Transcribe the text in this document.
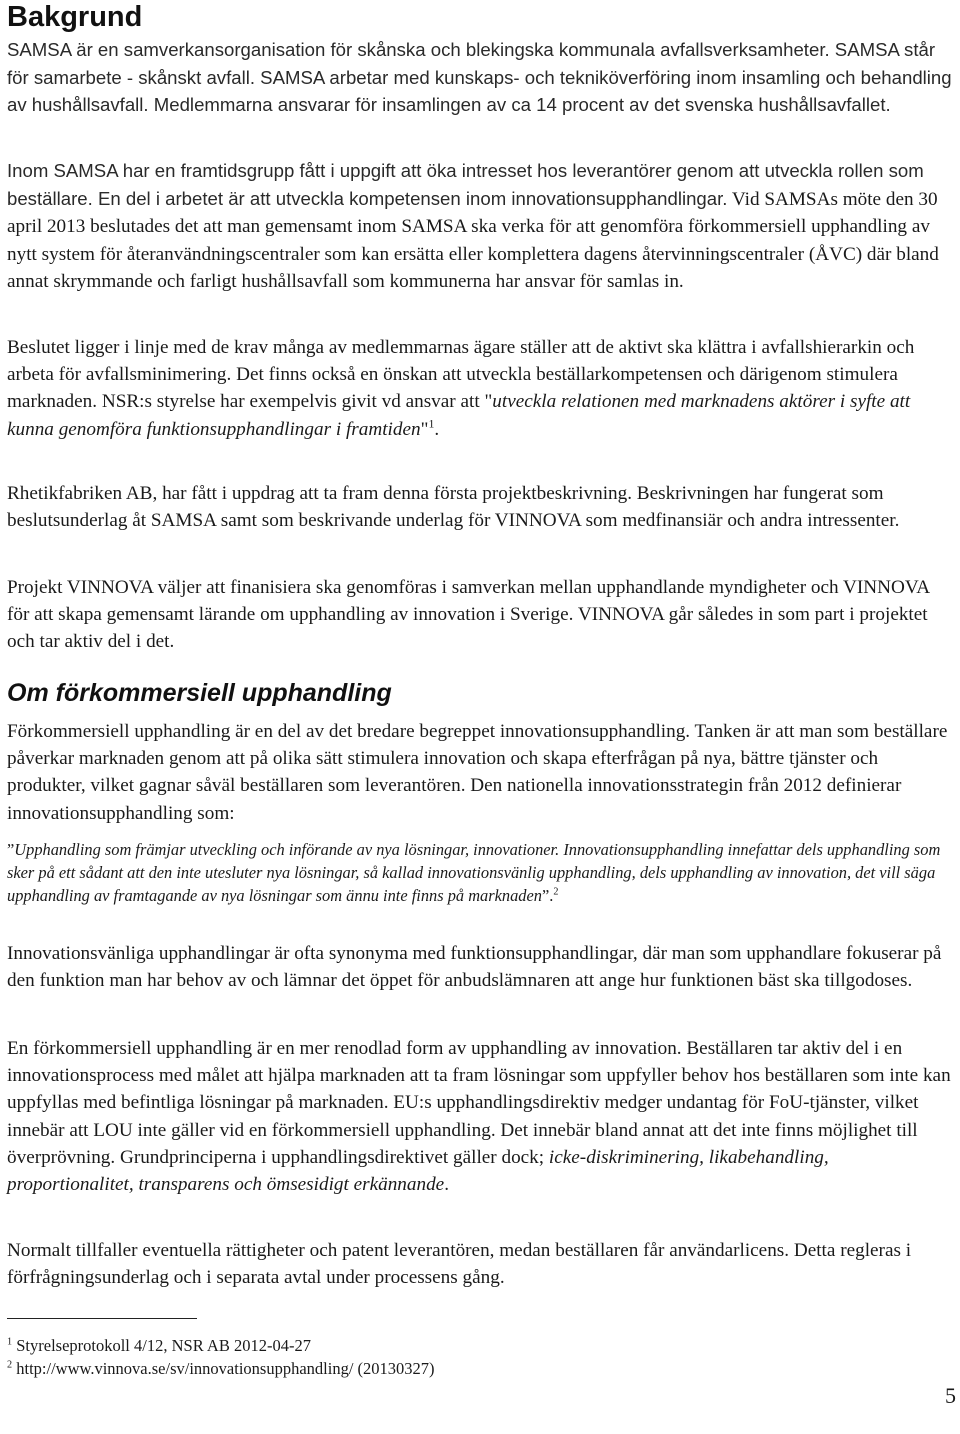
Bakgrund

SAMSA är en samverkansorganisation för skånska och blekingska kommunala avfallsverksamheter. SAMSA står för samarbete - skånskt avfall. SAMSA arbetar med kunskaps- och tekniköverföring inom insamling och behandling av hushållsavfall. Medlemmarna ansvarar för insamlingen av ca 14 procent av det svenska hushållsavfallet.

Inom SAMSA har en framtidsgrupp fått i uppgift att öka intresset hos leverantörer genom att utveckla rollen som beställare. En del i arbetet är att utveckla kompetensen inom innovationsupphandlingar. Vid SAMSAs möte den 30 april 2013 beslutades det att man gemensamt inom SAMSA ska verka för att genomföra förkommersiell upphandling av nytt system för återanvändningscentraler som kan ersätta eller komplettera dagens återvinningscentraler (ÅVC) där bland annat skrymmande och farligt hushållsavfall som kommunerna har ansvar för samlas in.

Beslutet ligger i linje med de krav många av medlemmarnas ägare ställer att de aktivt ska klättra i avfallshierarkin och arbeta för avfallsminimering. Det finns också en önskan att utveckla beställarkompetensen och därigenom stimulera marknaden. NSR:s styrelse har exempelvis givit vd ansvar att "utveckla relationen med marknadens aktörer i syfte att kunna genomföra funktionsupphandlingar i framtiden"$^1$.

Rhetikfabriken AB, har fått i uppdrag att ta fram denna första projektbeskrivning. Beskrivningen har fungerat som beslutsunderlag åt SAMSA samt som beskrivande underlag för VINNOVA som medfinansiär och andra intressenter.

Projekt VINNOVA väljer att finanisiera ska genomföras i samverkan mellan upphandlande myndigheter och VINNOVA för att skapa gemensamt lärande om upphandling av innovation i Sverige. VINNOVA går således in som part i projektet och tar aktiv del i det.

Om förkommersiell upphandling

Förkommersiell upphandling är en del av det bredare begreppet innovationsupphandling. Tanken är att man som beställare påverkar marknaden genom att på olika sätt stimulera innovation och skapa efterfrågan på nya, bättre tjänster och produkter, vilket gagnar såväl beställaren som leverantören. Den nationella innovationsstrategin från 2012 definierar innovationsupphandling som:

”Upphandling som främjar utveckling och införande av nya lösningar, innovationer. Innovationsupphandling innefattar dels upphandling som sker på ett sådant att den inte utesluter nya lösningar, så kallad innovationsvänlig upphandling, dels upphandling av innovation, det vill säga upphandling av framtagande av nya lösningar som ännu inte finns på marknaden”.$^2$

Innovationsvänliga upphandlingar är ofta synonyma med funktionsupphandlingar, där man som upphandlare fokuserar på den funktion man har behov av och lämnar det öppet för anbudslämnaren att ange hur funktionen bäst ska tillgodoses.

En förkommersiell upphandling är en mer renodlad form av upphandling av innovation. Beställaren tar aktiv del i en innovationsprocess med målet att hjälpa marknaden att ta fram lösningar som uppfyller behov hos beställaren som inte kan uppfyllas med befintliga lösningar på marknaden. EU:s upphandlingsdirektiv medger undantag för FoU-tjänster, vilket innebär att LOU inte gäller vid en förkommersiell upphandling. Det innebär bland annat att det inte finns möjlighet till överprövning. Grundprinciperna i upphandlingsdirektivet gäller dock; icke-diskriminering, likabehandling, proportionalitet, transparens och ömsesidigt erkännande.

Normalt tillfaller eventuella rättigheter och patent leverantören, medan beställaren får användarlicens. Detta regleras i förfrågningsunderlag och i separata avtal under processens gång.

$^1$ Styrelseprotokoll 4/12, NSR AB 2012-04-27

$^2$ http://www.vinnova.se/sv/innovationsupphandling/ (20130327)

5
